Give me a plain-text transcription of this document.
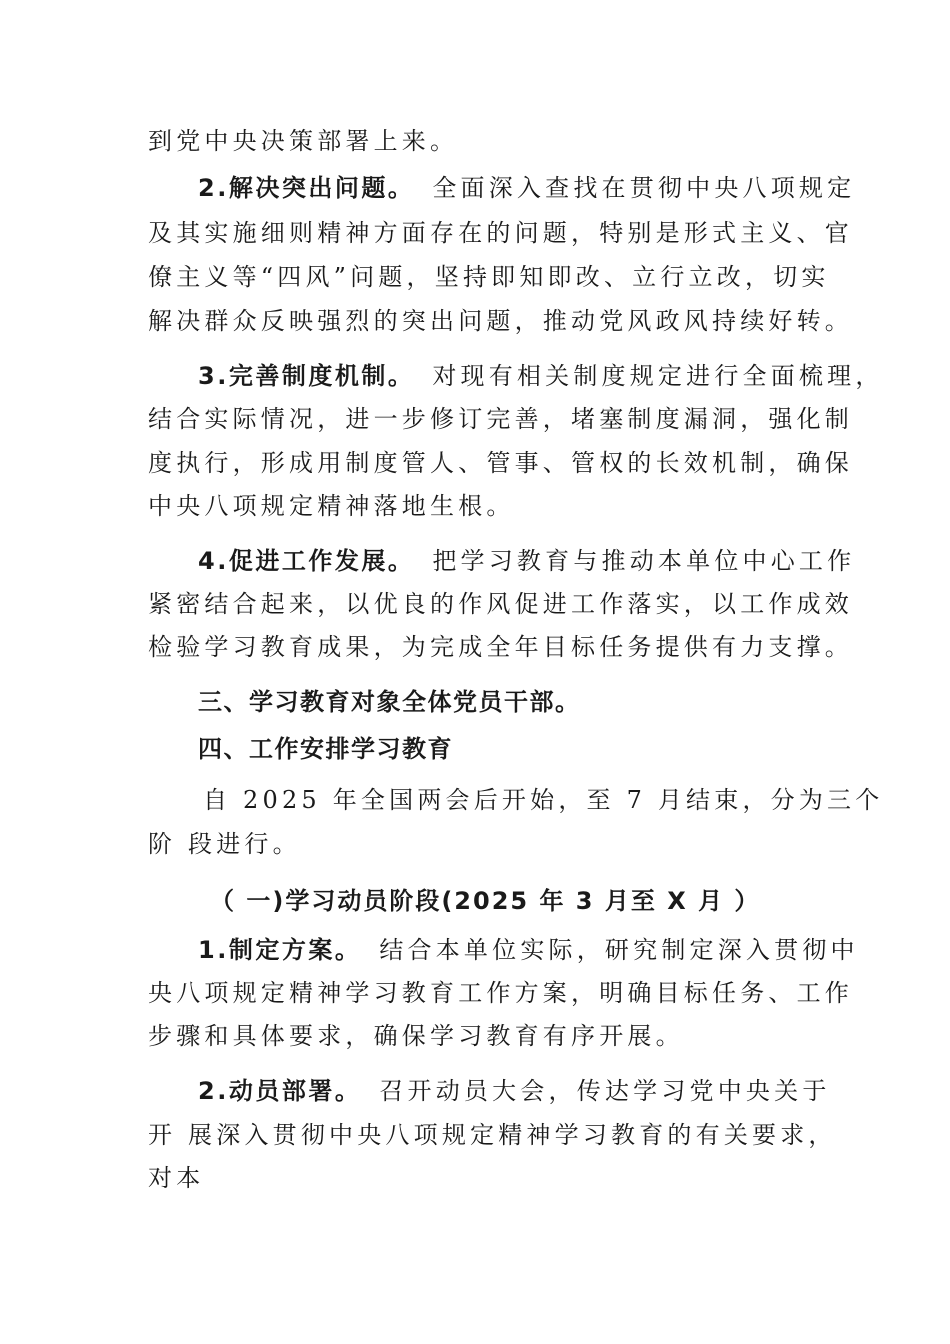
到党中央决策部署上来。
2.解决突出问题。 全面深入查找在贯彻中央八项规定
及其实施细则精神方面存在的问题，特别是形式主义、官
僚主义等“四风”问题，坚持即知即改、立行立改，切实
解决群众反映强烈的突出问题，推动党风政风持续好转。
3.完善制度机制。 对现有相关制度规定进行全面梳理，
结合实际情况，进一步修订完善，堵塞制度漏洞，强化制
度执行，形成用制度管人、管事、管权的长效机制，确保
中央八项规定精神落地生根。
4.促进工作发展。 把学习教育与推动本单位中心工作
紧密结合起来，以优良的作风促进工作落实，以工作成效
检验学习教育成果，为完成全年目标任务提供有力支撑。
三、学习教育对象全体党员干部。
四、工作安排学习教育
自 2025 年全国两会后开始，至 7 月结束，分为三个
阶 段进行。
（ 一)学习动员阶段(2025 年 3 月至 X 月 ）
1.制定方案。 结合本单位实际，研究制定深入贯彻中
央八项规定精神学习教育工作方案，明确目标任务、工作
步骤和具体要求，确保学习教育有序开展。
2.动员部署。 召开动员大会，传达学习党中央关于
开 展深入贯彻中央八项规定精神学习教育的有关要求，
对本
